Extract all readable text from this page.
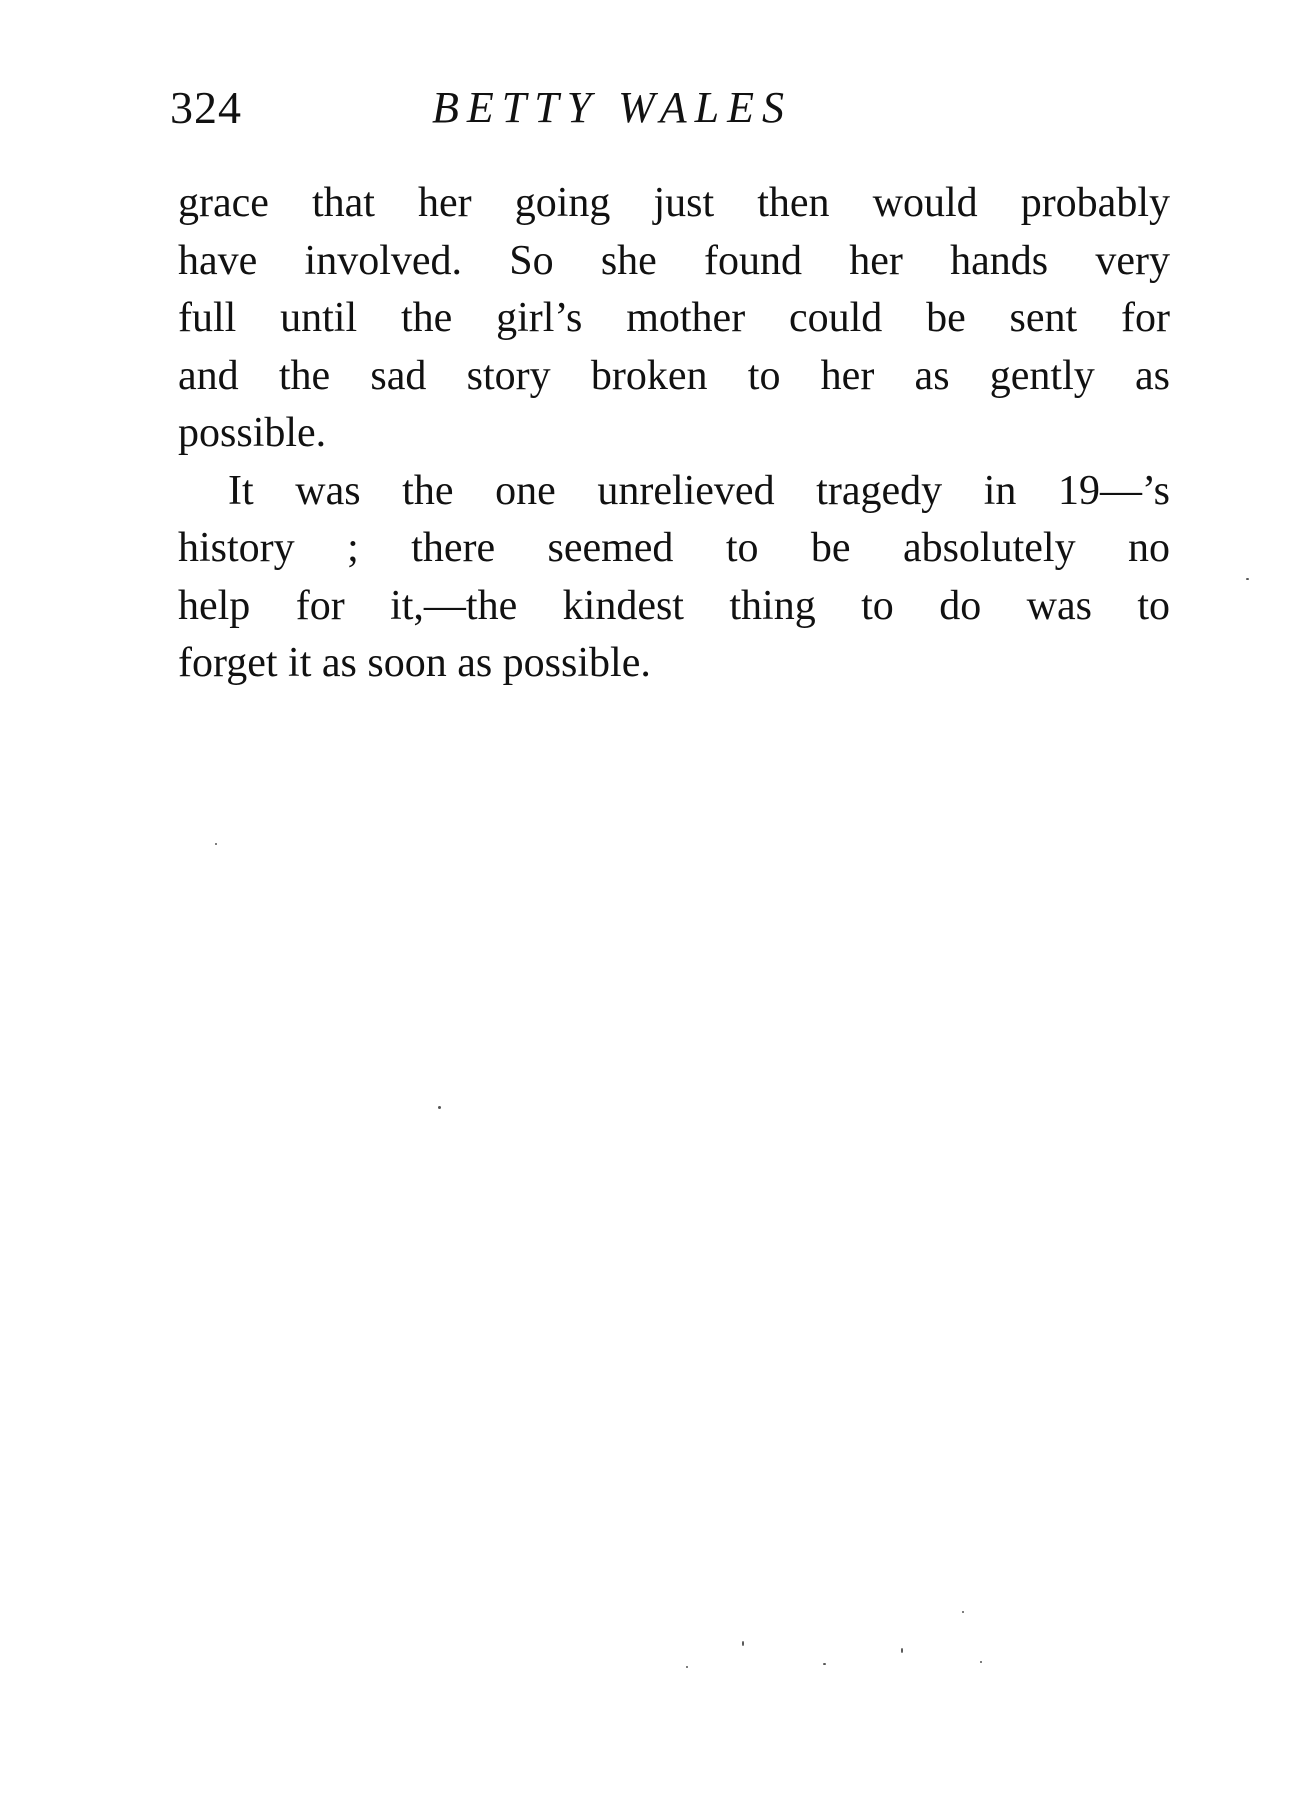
324	BETTY WALES
grace that her going just then would probably
have involved. So she found her hands very
full until the girl’s mother could be sent for
and the sad story broken to her as gently as
possible.
It was the one unrelieved tragedy in 19—’s
history ; there seemed to be absolutely no
help for it,—the kindest thing to do was to
forget it as soon as possible.
